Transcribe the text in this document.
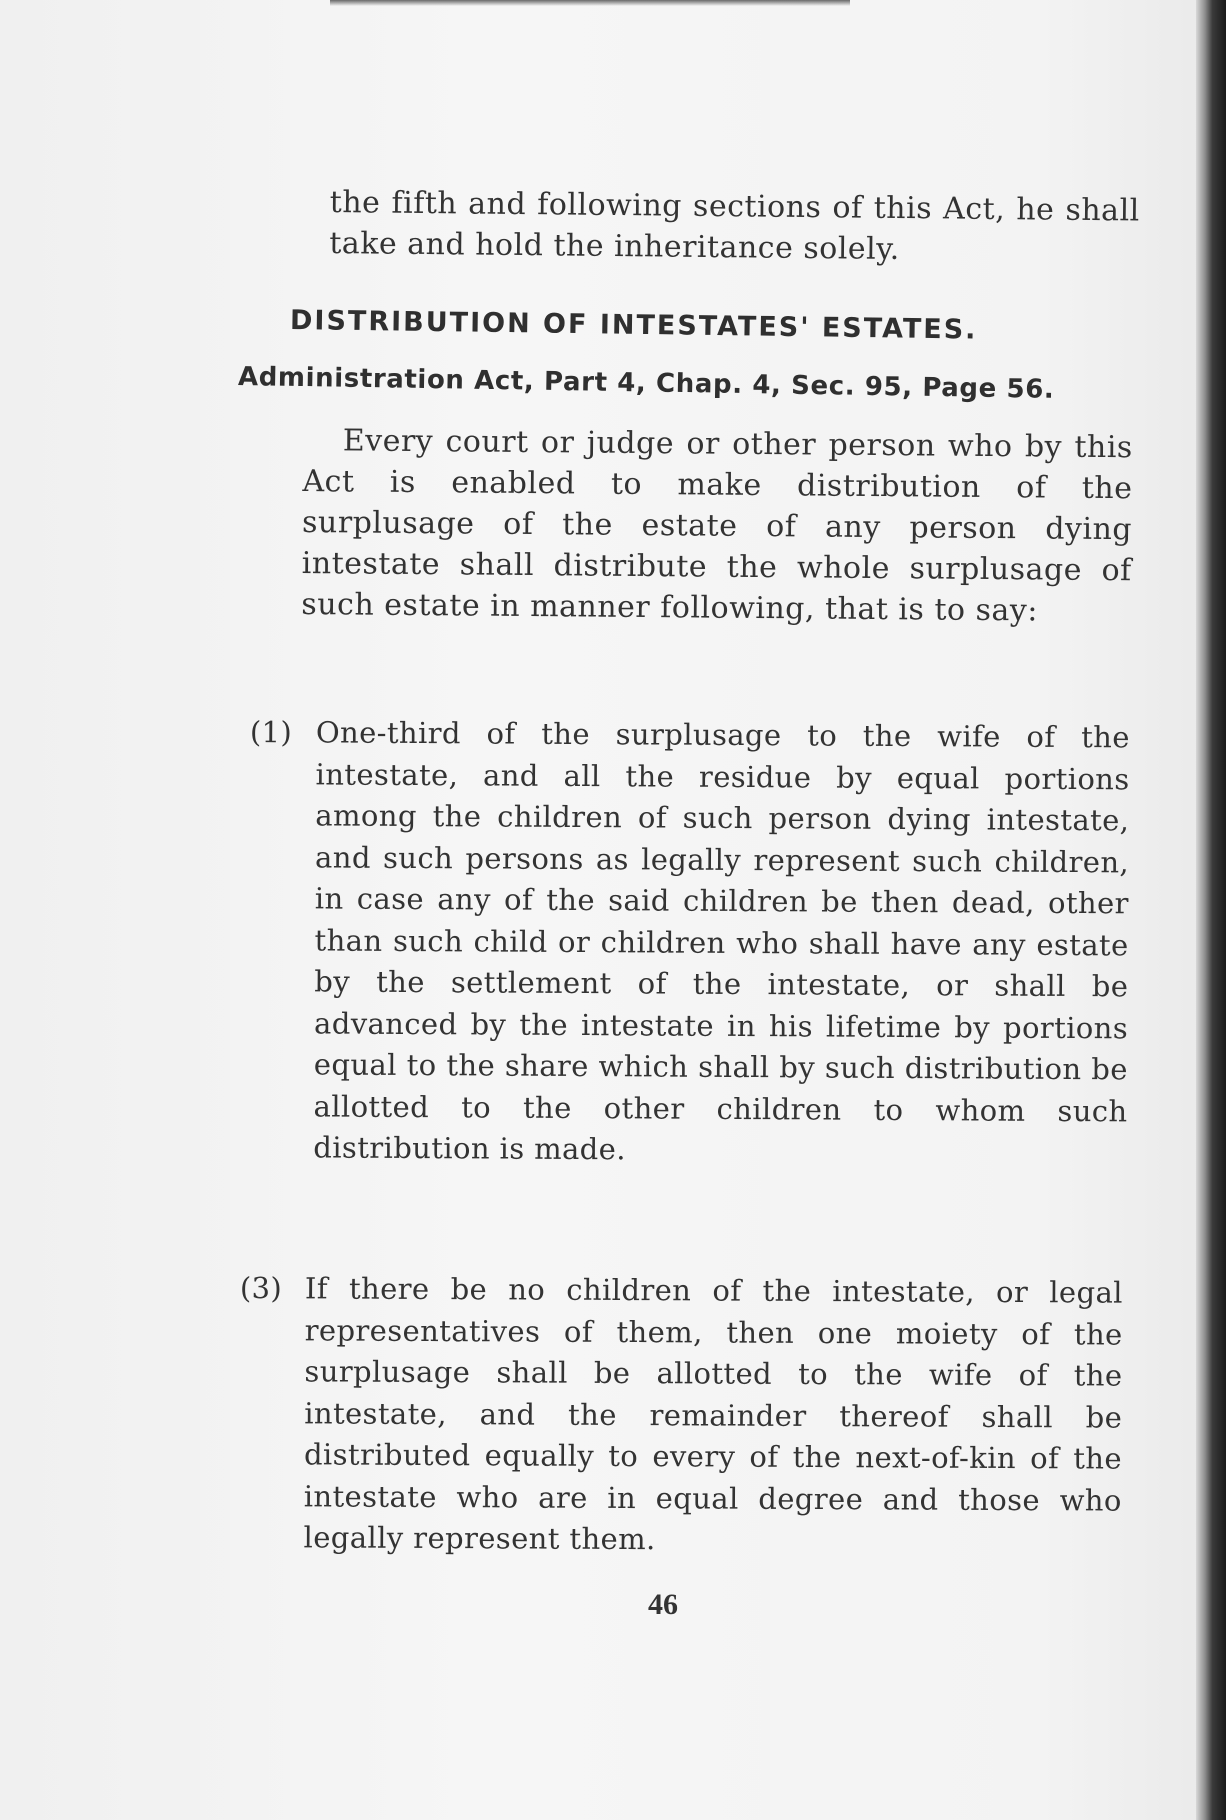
the fifth and following sections of this Act, he shall take and hold the inheritance solely.

DISTRIBUTION OF INTESTATES' ESTATES.
Administration Act, Part 4, Chap. 4, Sec. 95, Page 56.

Every court or judge or other person who by this Act is enabled to make distribution of the surplusage of the estate of any person dying intestate shall distribute the whole surplusage of such estate in manner following, that is to say:

(1) One-third of the surplusage to the wife of the intestate, and all the residue by equal portions among the children of such person dying intestate, and such persons as legally represent such children, in case any of the said children be then dead, other than such child or children who shall have any estate by the settlement of the intestate, or shall be advanced by the intestate in his lifetime by portions equal to the share which shall by such distribution be allotted to the other children to whom such distribution is made.

(3) If there be no children of the intestate, or legal representatives of them, then one moiety of the surplusage shall be allotted to the wife of the intestate, and the remainder thereof shall be distributed equally to every of the next-of-kin of the intestate who are in equal degree and those who legally represent them.

46
